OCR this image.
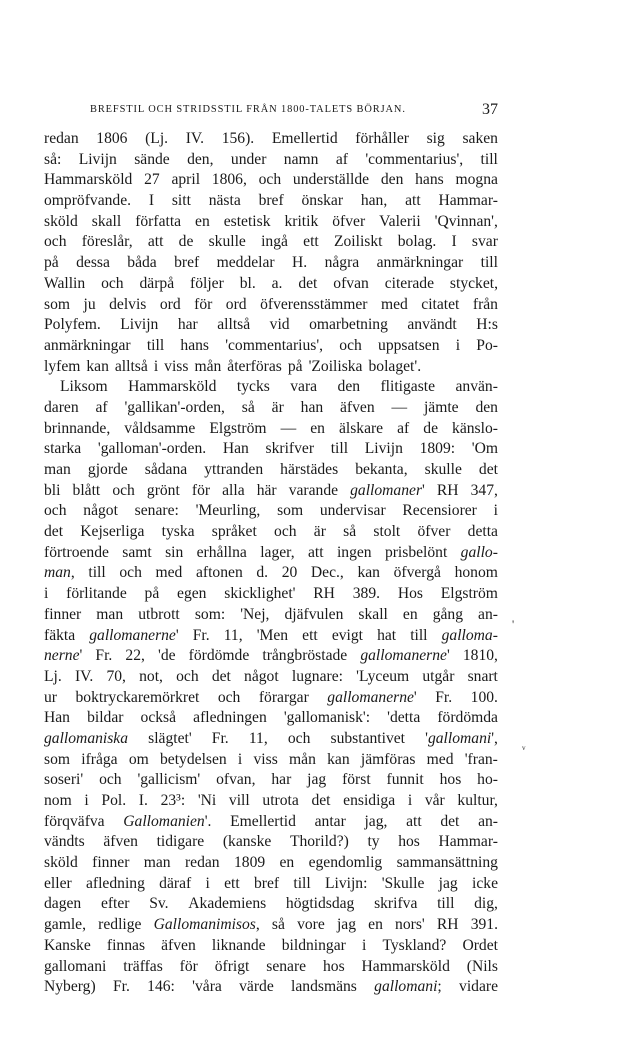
BREFSTIL OCH STRIDSSTIL FRÅN 1800-TALETS BÖRJAN.	37
redan 1806 (Lj. IV. 156). Emellertid förhåller sig saken
så: Livijn sände den, under namn af 'commentarius', till
Hammarsköld 27 april 1806, och underställde den hans mogna
ompröfvande. I sitt nästa bref önskar han, att Hammar-
sköld skall författa en estetisk kritik öfver Valerii 'Qvinnan',
och föreslår, att de skulle ingå ett Zoiliskt bolag. I svar
på dessa båda bref meddelar H. några anmärkningar till
Wallin och därpå följer bl. a. det ofvan citerade stycket,
som ju delvis ord för ord öfverensstämmer med citatet från
Polyfem. Livijn har alltså vid omarbetning användt H:s
anmärkningar till hans 'commentarius', och uppsatsen i Po-
lyfem kan alltså i viss mån återföras på 'Zoiliska bolaget'.
Liksom Hammarsköld tycks vara den flitigaste använ-
daren af 'gallikan'-orden, så är han äfven — jämte den
brinnande, våldsamme Elgström — en älskare af de känslo-
starka 'galloman'-orden. Han skrifver till Livijn 1809: 'Om
man gjorde sådana yttranden härstädes bekanta, skulle det
bli blått och grönt för alla här varande gallomaner' RH 347,
och något senare: 'Meurling, som undervisar Recensiorer i
det Kejserliga tyska språket och är så stolt öfver detta
förtroende samt sin erhållna lager, att ingen prisbelönt gallo-
man, till och med aftonen d. 20 Dec., kan öfvergå honom
i förlitande på egen skicklighet' RH 389. Hos Elgström
finner man utbrott som: 'Nej, djäfvulen skall en gång an-
fäkta gallomanerne' Fr. 11, 'Men ett evigt hat till galloma-
nerne' Fr. 22, 'de fördömde trångbröstade gallomanerne' 1810,
Lj. IV. 70, not, och det något lugnare: 'Lyceum utgår snart
ur boktryckaremörkret och förargar gallomanerne' Fr. 100.
Han bildar också afledningen 'gallomanisk': 'detta fördömda
gallomaniska slägtet' Fr. 11, och substantivet 'gallomani',
som ifråga om betydelsen i viss mån kan jämföras med 'fran-
soseri' och 'gallicism' ofvan, har jag först funnit hos ho-
nom i Pol. I. 23³: 'Ni vill utrota det ensidiga i vår kultur,
förqväfva Gallomanien'. Emellertid antar jag, att det an-
vändts äfven tidigare (kanske Thorild?) ty hos Hammar-
sköld finner man redan 1809 en egendomlig sammansättning
eller afledning däraf i ett bref till Livijn: 'Skulle jag icke
dagen efter Sv. Akademiens högtidsdag skrifva till dig,
gamle, redlige Gallomanimisos, så vore jag en nors' RH 391.
Kanske finnas äfven liknande bildningar i Tyskland? Ordet
gallomani träffas för öfrigt senare hos Hammarsköld (Nils
Nyberg) Fr. 146: 'våra värde landsmäns gallomani; vidare
'
ᵥ
